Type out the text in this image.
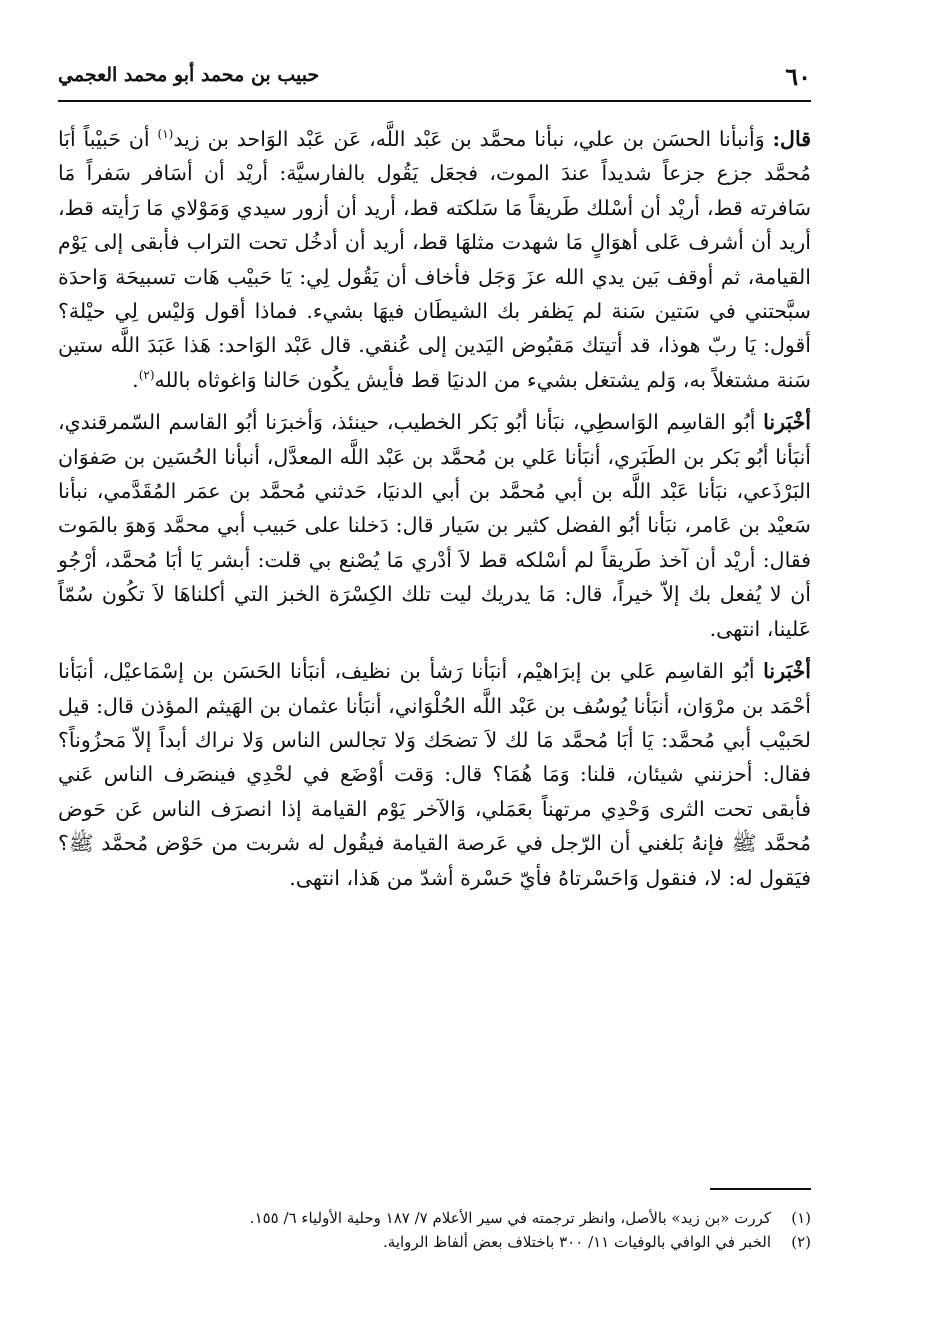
٦٠
حبيب بن محمد أبو محمد العجمي

قال: وَأنبأنا الحسَن بن علي، نبأنا محمَّد بن عَبْد اللَّه، عَن عَبْد الوَاحد بن زيد$^{(١)}$ أن حَبيْباً أبَا مُحمَّد جزع جزعاً شديداً عندَ الموت، فجعَل يَقُول بالفارسيَّة: أريْد أن أسَافر سَفراً مَا سَافرته قط، أريْد أن أسْلك طَريقاً مَا سَلكته قط، أريد أن أزور سيدي وَمَوْلاي مَا رَأيته قط، أريد أن أشرف عَلى أهوَالٍ مَا شهدت مثلهَا قط، أريد أن أدخُل تحت التراب فأبقى إلى يَوْم القيامة، ثم أوقف بَين يدي الله عزَ وَجَل فأخاف أن يَقُول لِي: يَا حَبيْب هَات تسبيحَة وَاحدَة سبَّحتني في سَتين سَنة لم يَظفر بك الشيطَان فيهَا بشيء. فماذا أقول وَليْس لِي حيْلة؟ أقول: يَا ربّ هوذا، قد أتيتك مَقبُوض اليَدين إلى عُنقي. قال عَبْد الوَاحد: هَذا عَبَدَ اللَّه ستين سَنة مشتغلاً به، وَلم يشتغل بشيء من الدنيَا قط فأيش يكُون حَالنا وَاغوثاه بالله$^{(٢)}$.

أخْبَرنا أبُو القاسِم الوَاسطِي، نبَأنا أبُو بَكر الخطيب، حينئذ، وَأخبرَنا أبُو القاسم السّمرقندي، أنبَأنا أبُو بَكر بن الطَبَري، أنبَأنا عَلي بن مُحمَّد بن عَبْد اللَّه المعدَّل، أنبأنا الحُسَين بن صَفوَان البَرْذَعي، نبَأنا عَبْد اللَّه بن أبي مُحمَّد بن أبي الدنيَا، حَدثني مُحمَّد بن عمَر المُقَدَّمي، نبأنا سَعيْد بن عَامر، نبَأنا أبُو الفضل كثير بن سَيار قال: دَخلنا على حَبيب أبي محمَّد وَهوَ بالمَوت فقال: أريْد أن آخذ طَريقاً لم أسْلكه قط لاَ أدْري مَا يُصْنع بي قلت: أبشر يَا أبَا مُحمَّد، أرْجُو أن لا يُفعل بك إلاّ خيراً، قال: مَا يدريك ليت تلك الكِسْرَة الخبز التي أكلناهَا لاَ تكُون سُمّاً عَلينا، انتهى.

أخْبَرنا أبُو القاسِم عَلي بن إبرَاهيْم، أنبَأنا رَشأ بن نظيف، أنبَأنا الحَسَن بن إسْمَاعيْل، أنبَأنا أحْمَد بن مرْوَان، أنبَأنا يُوسُف بن عَبْد اللَّه الحُلْوَاني، أنبَأنا عثمان بن الهَيثم المؤذن قال: قيل لحَبيْب أبي مُحمَّد: يَا أبَا مُحمَّد مَا لك لاَ تضحَك وَلا تجالس الناس وَلا نراك أبداً إلاّ مَحزُوناً؟ فقال: أحزنني شيئان، قلنا: وَمَا هُمَا؟ قال: وَقت أوْضَع في لحْدِي فينصَرف الناس عَني فأبقى تحت الثرى وَحْدِي مرتهناً بعَمَلي، وَالآخر يَوْم القيامة إذا انصرَف الناس عَن حَوض مُحمَّد ﷺ فإنهُ بَلغني أن الرّجل في عَرصة القيامة فيقُول له شربت من حَوْض مُحمَّد ﷺ؟ فيَقول له: لا، فنقول وَاحَسْرتاهُ فأيّ حَسْرة أشدّ من هَذا، انتهى.

(١)كررت «بن زيد» بالأصل، وانظر ترجمته في سير الأعلام ٧/ ١٨٧ وحلية الأولياء ٦/ ١٥٥.

(٢)الخبر في الوافي بالوفيات ١١/ ٣٠٠ باختلاف بعض ألفاظ الرواية.
